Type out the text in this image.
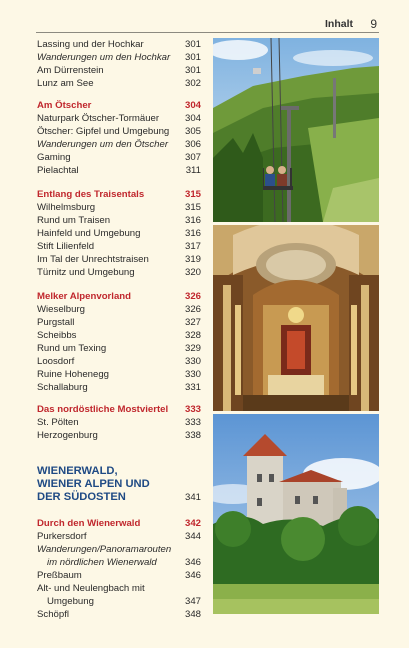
Inhalt 9
Lassing und der Hochkar	301
Wanderungen um den Hochkar 301
Am Dürrenstein	301
Lunz am See	302
Am Ötscher	304
Naturpark Ötscher-Tormäuer	304
Ötscher: Gipfel und Umgebung 305
Wanderungen um den Ötscher 306
Gaming	307
Pielachtal	311
Entlang des Traisentals	315
Wilhelmsburg	315
Rund um Traisen	316
Hainfeld und Umgebung	316
Stift Lilienfeld	317
Im Tal der Unrechtstraisen	319
Türnitz und Umgebung	320
Melker Alpenvorland	326
Wieselburg	326
Purgstall	327
Scheibbs	328
Rund um Texing	329
Loosdorf	330
Ruine Hohenegg	330
Schallaburg	331
Das nordöstliche Mostviertel 333
St. Pölten	333
Herzogenburg	338
Durch den Wienerwald	342
Purkersdorf	344
Wanderungen/Panoramarouten
im nördlichen Wienerwald	346
Preßbaum	346
Alt- und Neulengbach mit
Umgebung	347
Schöpfl	348
WIENERWALD,
WIENER ALPEN UND
DER SÜDOSTEN	341
